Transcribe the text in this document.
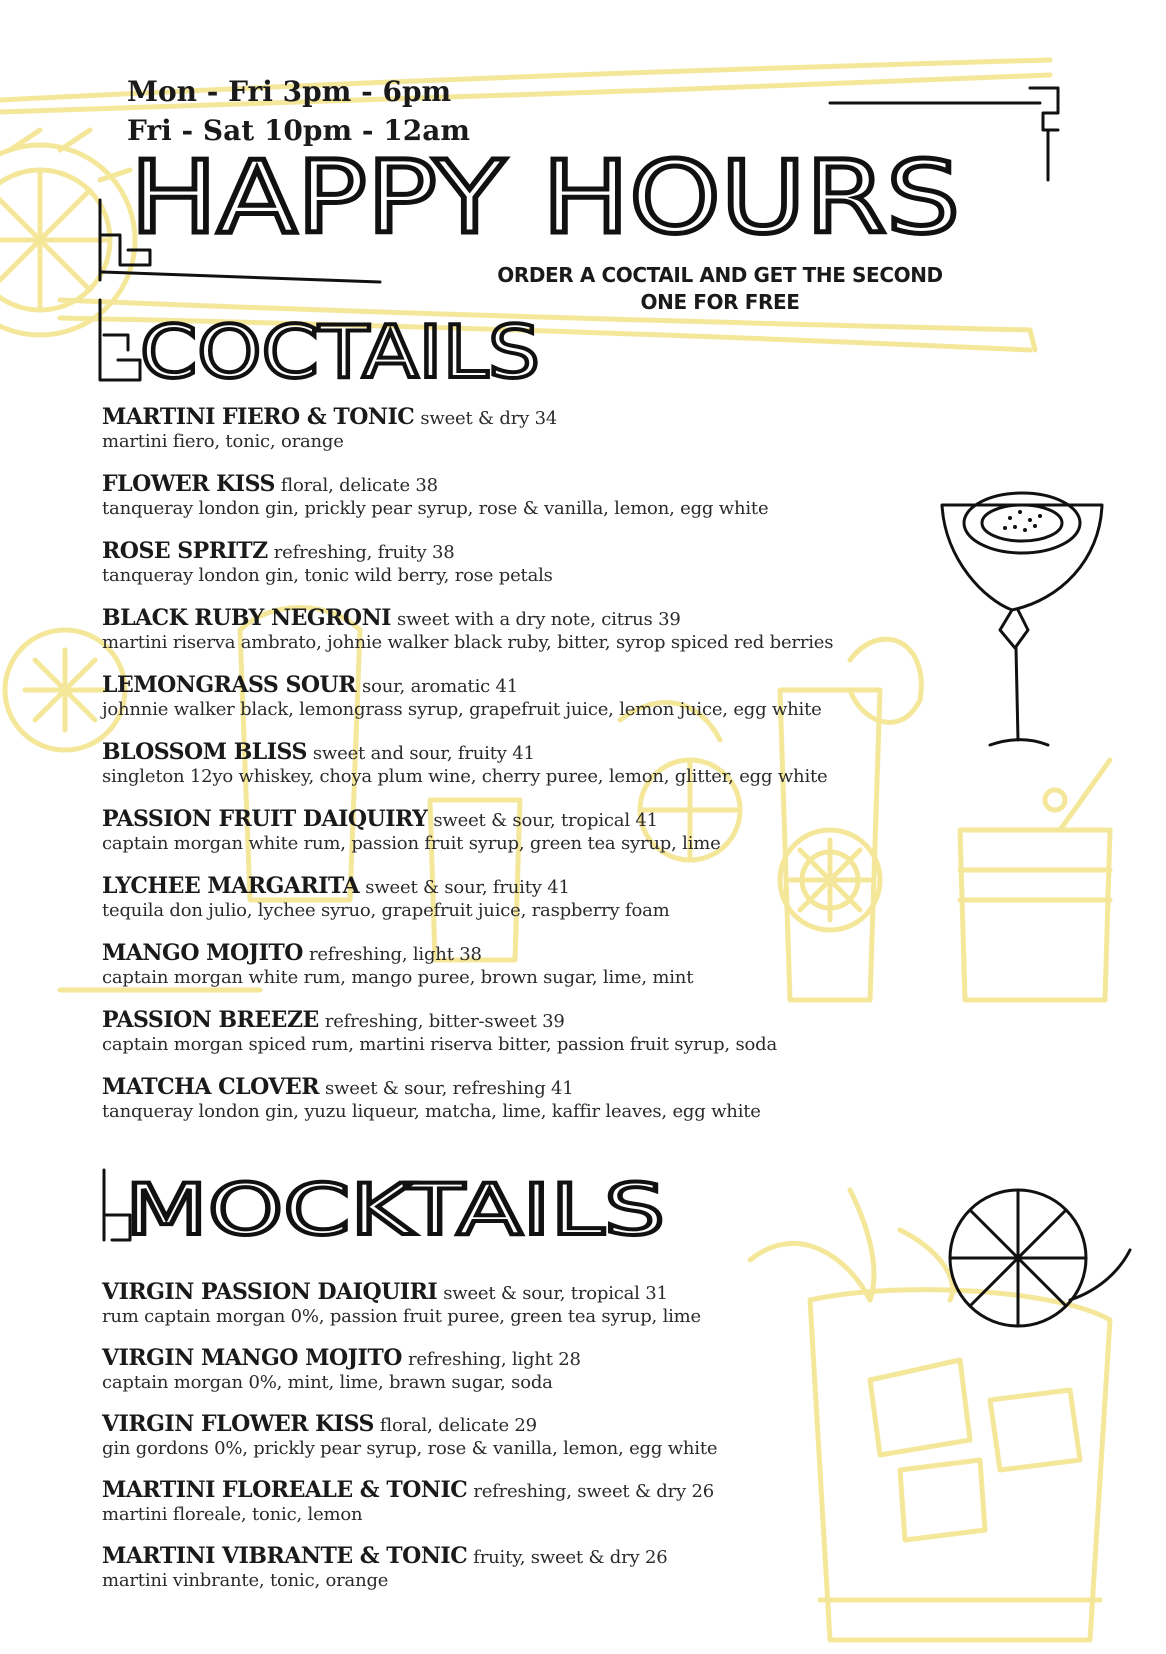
Mon - Fri 3pm - 6pm
Fri - Sat 10pm - 12am
HAPPY HOURS
ORDER A COCTAIL AND GET THE SECOND
ONE FOR FREE
COCTAILS
MARTINI FIERO & TONIC sweet & dry 34
martini fiero, tonic, orange
FLOWER KISS floral, delicate 38
tanqueray london gin, prickly pear syrup, rose & vanilla, lemon, egg white
ROSE SPRITZ refreshing, fruity 38
tanqueray london gin, tonic wild berry, rose petals
BLACK RUBY NEGRONI sweet with a dry note, citrus 39
martini riserva ambrato, johnie walker black ruby, bitter, syrop spiced red berries
LEMONGRASS SOUR sour, aromatic 41
johnnie walker black, lemongrass syrup, grapefruit juice, lemon juice, egg white
BLOSSOM BLISS sweet and sour, fruity 41
singleton 12yo whiskey, choya plum wine, cherry puree, lemon, glitter, egg white
PASSION FRUIT DAIQUIRY sweet & sour, tropical 41
captain morgan white rum, passion fruit syrup, green tea syrup, lime
LYCHEE MARGARITA sweet & sour, fruity 41
tequila don julio, lychee syruo, grapefruit juice, raspberry foam
MANGO MOJITO refreshing, light 38
captain morgan white rum, mango puree, brown sugar, lime, mint
PASSION BREEZE refreshing, bitter-sweet 39
captain morgan spiced rum, martini riserva bitter, passion fruit syrup, soda
MATCHA CLOVER sweet & sour, refreshing 41
tanqueray london gin, yuzu liqueur, matcha, lime, kaffir leaves, egg white
MOCKTAILS
VIRGIN PASSION DAIQUIRI sweet & sour, tropical 31
rum captain morgan 0%, passion fruit puree, green tea syrup, lime
VIRGIN MANGO MOJITO refreshing, light 28
captain morgan 0%, mint, lime, brawn sugar, soda
VIRGIN FLOWER KISS floral, delicate 29
gin gordons 0%, prickly pear syrup, rose & vanilla, lemon, egg white
MARTINI FLOREALE & TONIC refreshing, sweet & dry 26
martini floreale, tonic, lemon
MARTINI VIBRANTE & TONIC fruity, sweet & dry 26
martini vinbrante, tonic, orange
